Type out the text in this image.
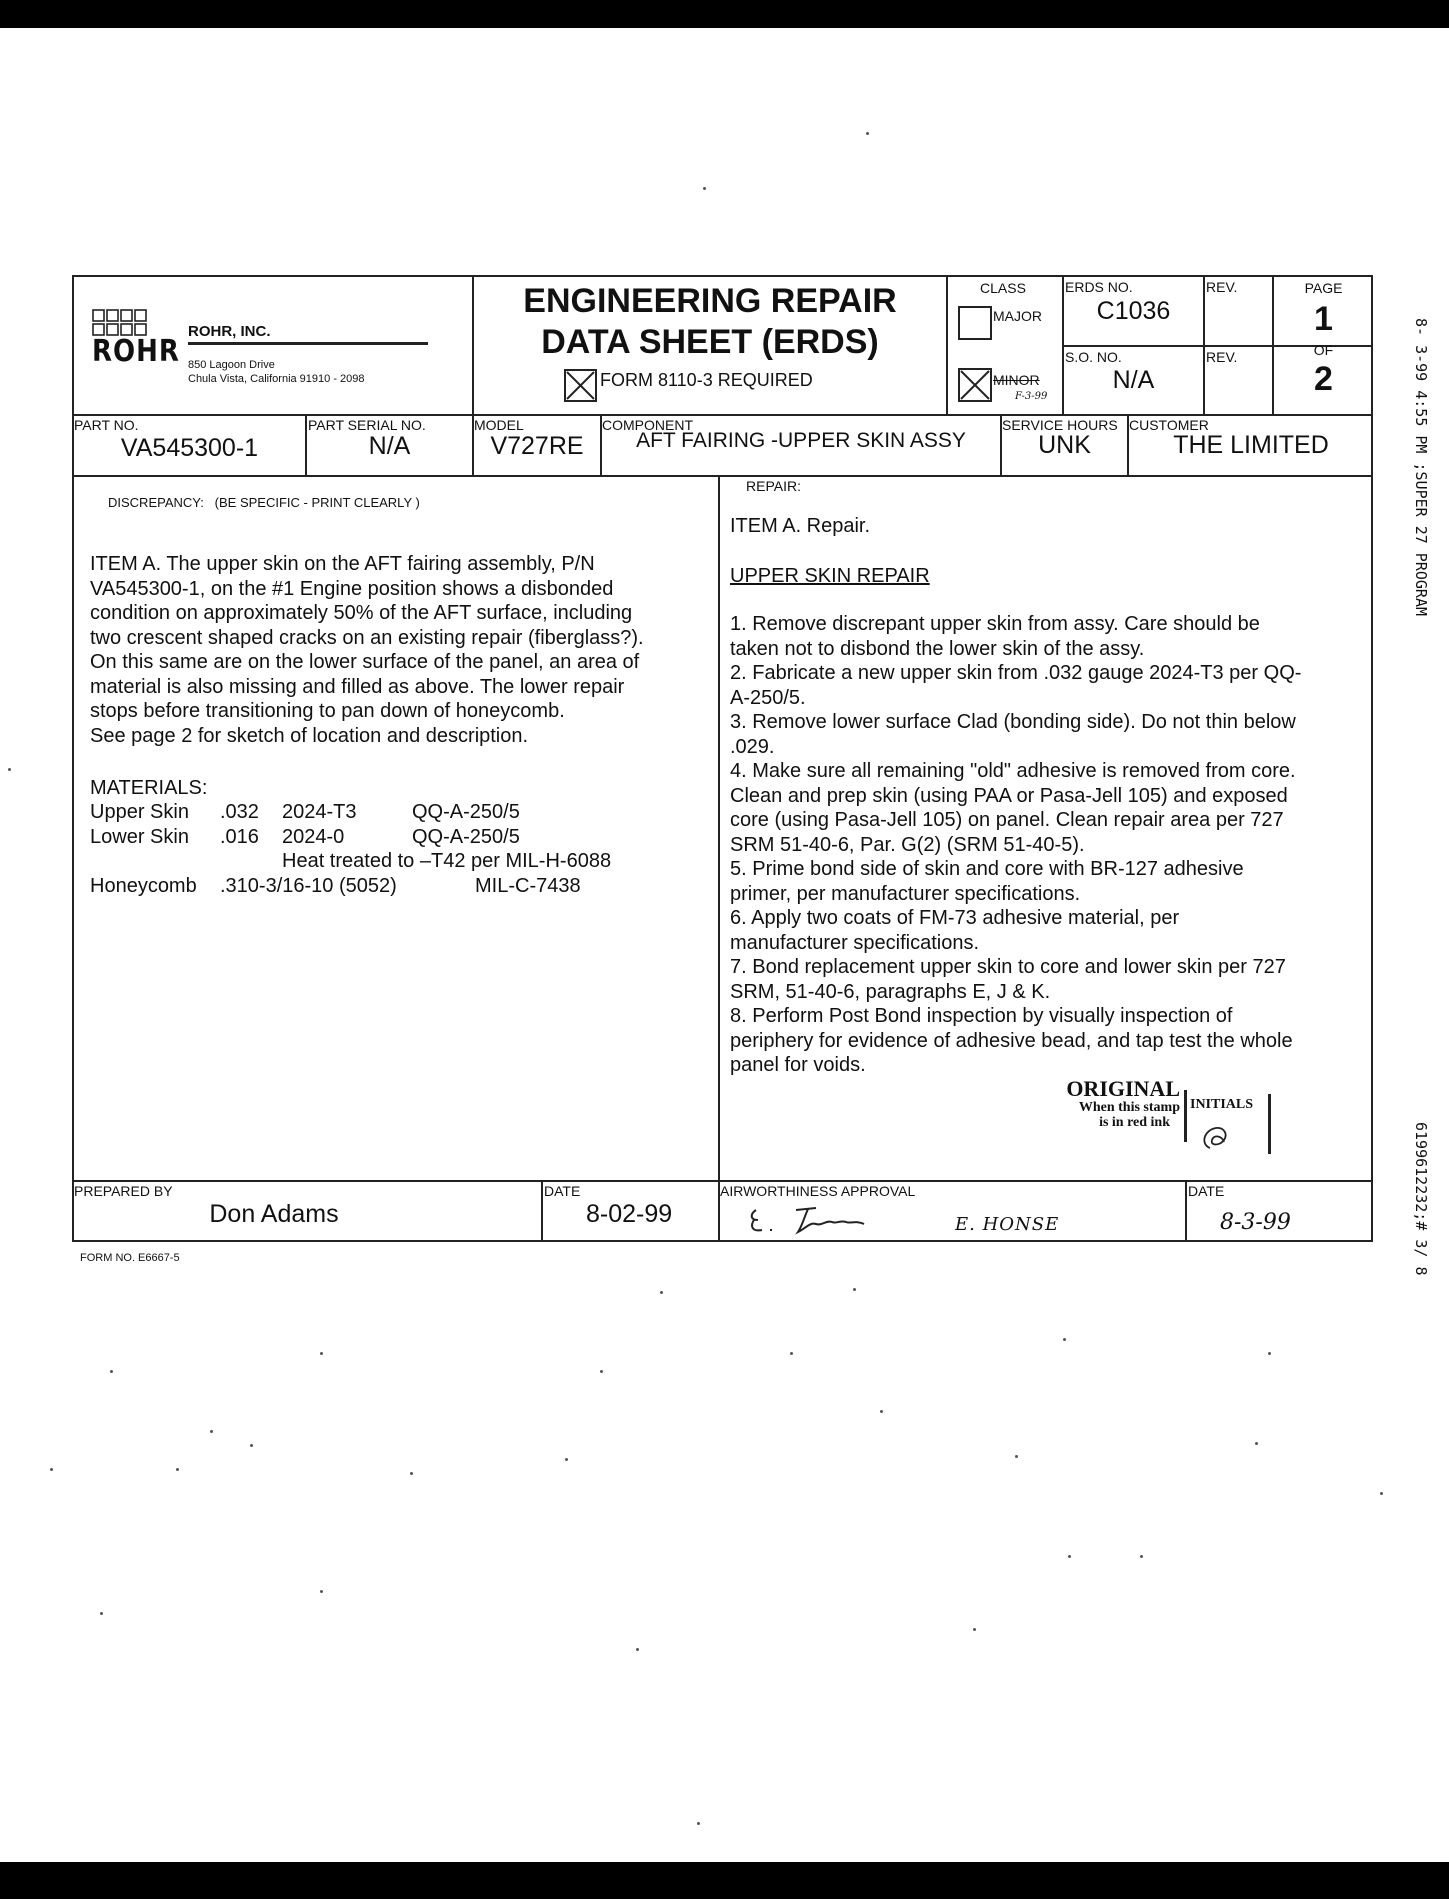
ROHR
ROHR, INC.
850 Lagoon Drive
Chula Vista, California 91910 - 2098
ENGINEERING REPAIR
DATA SHEET (ERDS)
FORM 8110-3 REQUIRED
CLASS
MAJOR
MINOR
F-3-99
ERDS NO.
C1036
S.O. NO.
N/A
REV.
REV.
PAGE
1
OF
2
PART NO.
VA545300-1
PART SERIAL NO.
N/A
MODEL
V727RE
COMPONENT
AFT FAIRING -UPPER SKIN ASSY
SERVICE HOURS
UNK
CUSTOMER
THE LIMITED
DISCREPANCY:   (BE SPECIFIC - PRINT CLEARLY )
ITEM A. The upper skin on the AFT fairing assembly, P/N
VA545300-1, on the #1 Engine position shows a disbonded
condition on approximately 50% of the AFT surface, including
two crescent shaped cracks on an existing repair (fiberglass?).
On this same are on the lower surface of the panel, an area of
material is also missing and filled as above. The lower repair
stops before transitioning to pan down of honeycomb.
See page 2 for sketch of location and description.
MATERIALS:
Upper Skin .032 2024-T3	QQ-A-250/5
Lower Skin .016 2024-0	QQ-A-250/5
Heat treated to –T42 per MIL-H-6088
Honeycomb .310-3/16-10 (5052)	MIL-C-7438
REPAIR:
ITEM A. Repair.
UPPER SKIN REPAIR
1. Remove discrepant upper skin from assy. Care should be
taken not to disbond the lower skin of the assy.
2. Fabricate a new upper skin from .032 gauge 2024-T3 per QQ-
A-250/5.
3. Remove lower surface Clad (bonding side). Do not thin below
.029.
4. Make sure all remaining "old" adhesive is removed from core.
Clean and prep skin (using PAA or Pasa-Jell 105) and exposed
core (using Pasa-Jell 105) on panel. Clean repair area per 727
SRM 51-40-6, Par. G(2) (SRM 51-40-5).
5. Prime bond side of skin and core with BR-127 adhesive
primer, per manufacturer specifications.
6. Apply two coats of FM-73 adhesive material, per
manufacturer specifications.
7. Bond replacement upper skin to core and lower skin per 727
SRM, 51-40-6, paragraphs E, J & K.
8. Perform Post Bond inspection by visually inspection of
periphery for evidence of adhesive bead, and tap test the whole
panel for voids.
ORIGINAL
When this stamp
is in red ink
INITIALS
PREPARED BY
Don Adams
DATE
8-02-99
AIRWORTHINESS APPROVAL
E. HONSE
DATE
8-3-99
FORM NO. E6667-5
8- 3-99 4:55 PM ;SUPER 27 PROGRAM
6199612232;# 3/ 8
